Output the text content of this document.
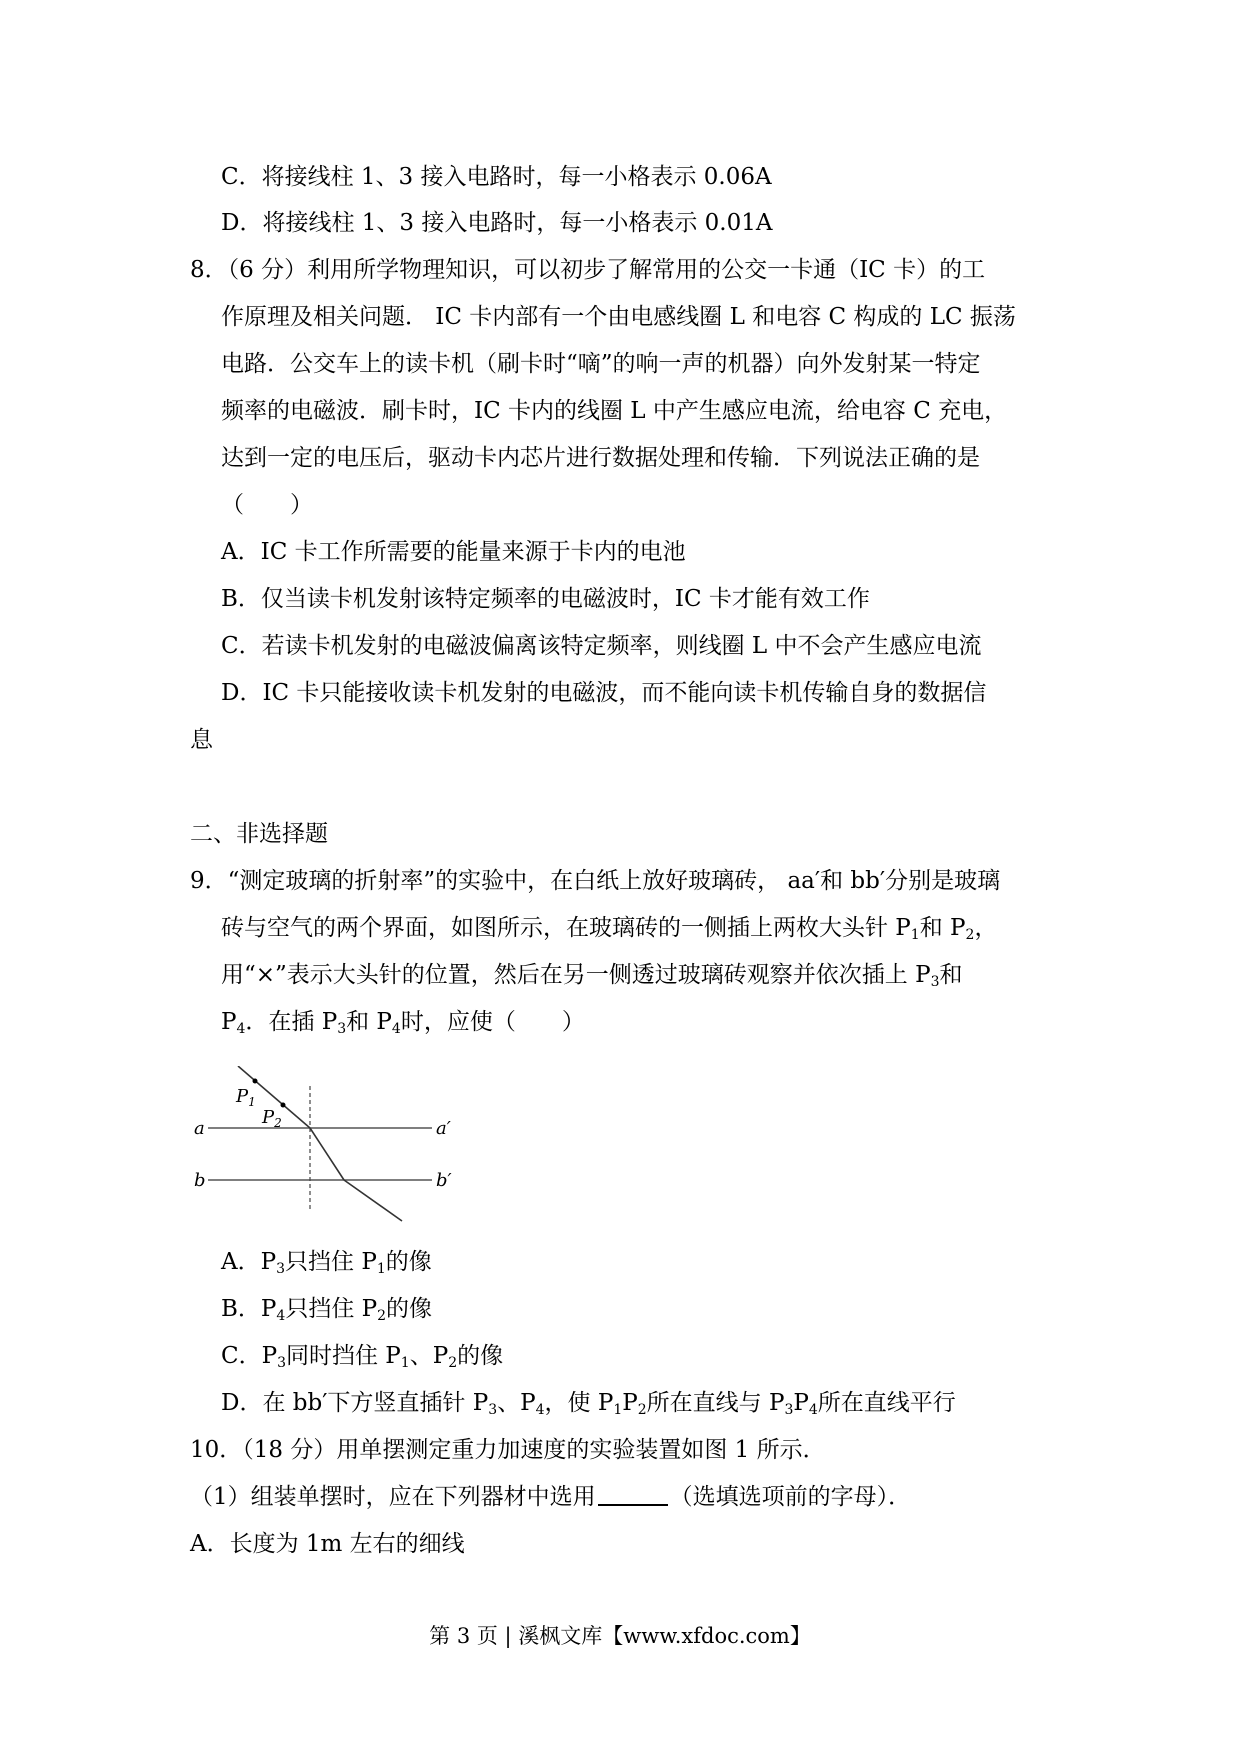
C．将接线柱 1、3 接入电路时，每一小格表示 0.06A
D．将接线柱 1、3 接入电路时，每一小格表示 0.01A
8．（6 分）利用所学物理知识，可以初步了解常用的公交一卡通（IC 卡）的工
作原理及相关问题． IC 卡内部有一个由电感线圈 L 和电容 C 构成的 LC 振荡
电路．公交车上的读卡机（刷卡时“嘀”的响一声的机器）向外发射某一特定
频率的电磁波．刷卡时，IC 卡内的线圈 L 中产生感应电流，给电容 C 充电，
达到一定的电压后，驱动卡内芯片进行数据处理和传输．下列说法正确的是
（　　）
A．IC 卡工作所需要的能量来源于卡内的电池
B．仅当读卡机发射该特定频率的电磁波时，IC 卡才能有效工作
C．若读卡机发射的电磁波偏离该特定频率，则线圈 L 中不会产生感应电流
D．IC 卡只能接收读卡机发射的电磁波，而不能向读卡机传输自身的数据信
息
二、非选择题
9．“测定玻璃的折射率”的实验中，在白纸上放好玻璃砖， aa′和 bb′分别是玻璃
砖与空气的两个界面，如图所示，在玻璃砖的一侧插上两枚大头针 $P_1$和 $P_2$，
用“×”表示大头针的位置，然后在另一侧透过玻璃砖观察并依次插上 $P_3$和
$P_4$．在插 $P_3$和 $P_4$时，应使（　　）
$P_1$
$P_2$
a	a′
b	b′
A．$P_3$只挡住 $P_1$的像
B．$P_4$只挡住 $P_2$的像
C．$P_3$同时挡住 $P_1$、$P_2$的像
D．在 bb′下方竖直插针 $P_3$、$P_4$，使 $P_1P_2$所在直线与 $P_3P_4$所在直线平行
10．（18 分）用单摆测定重力加速度的实验装置如图 1 所示．
（1）组装单摆时，应在下列器材中选用	（选填选项前的字母）．
A．长度为 1m 左右的细线
第 3 页 | 溪枫文库【www.xfdoc.com】
